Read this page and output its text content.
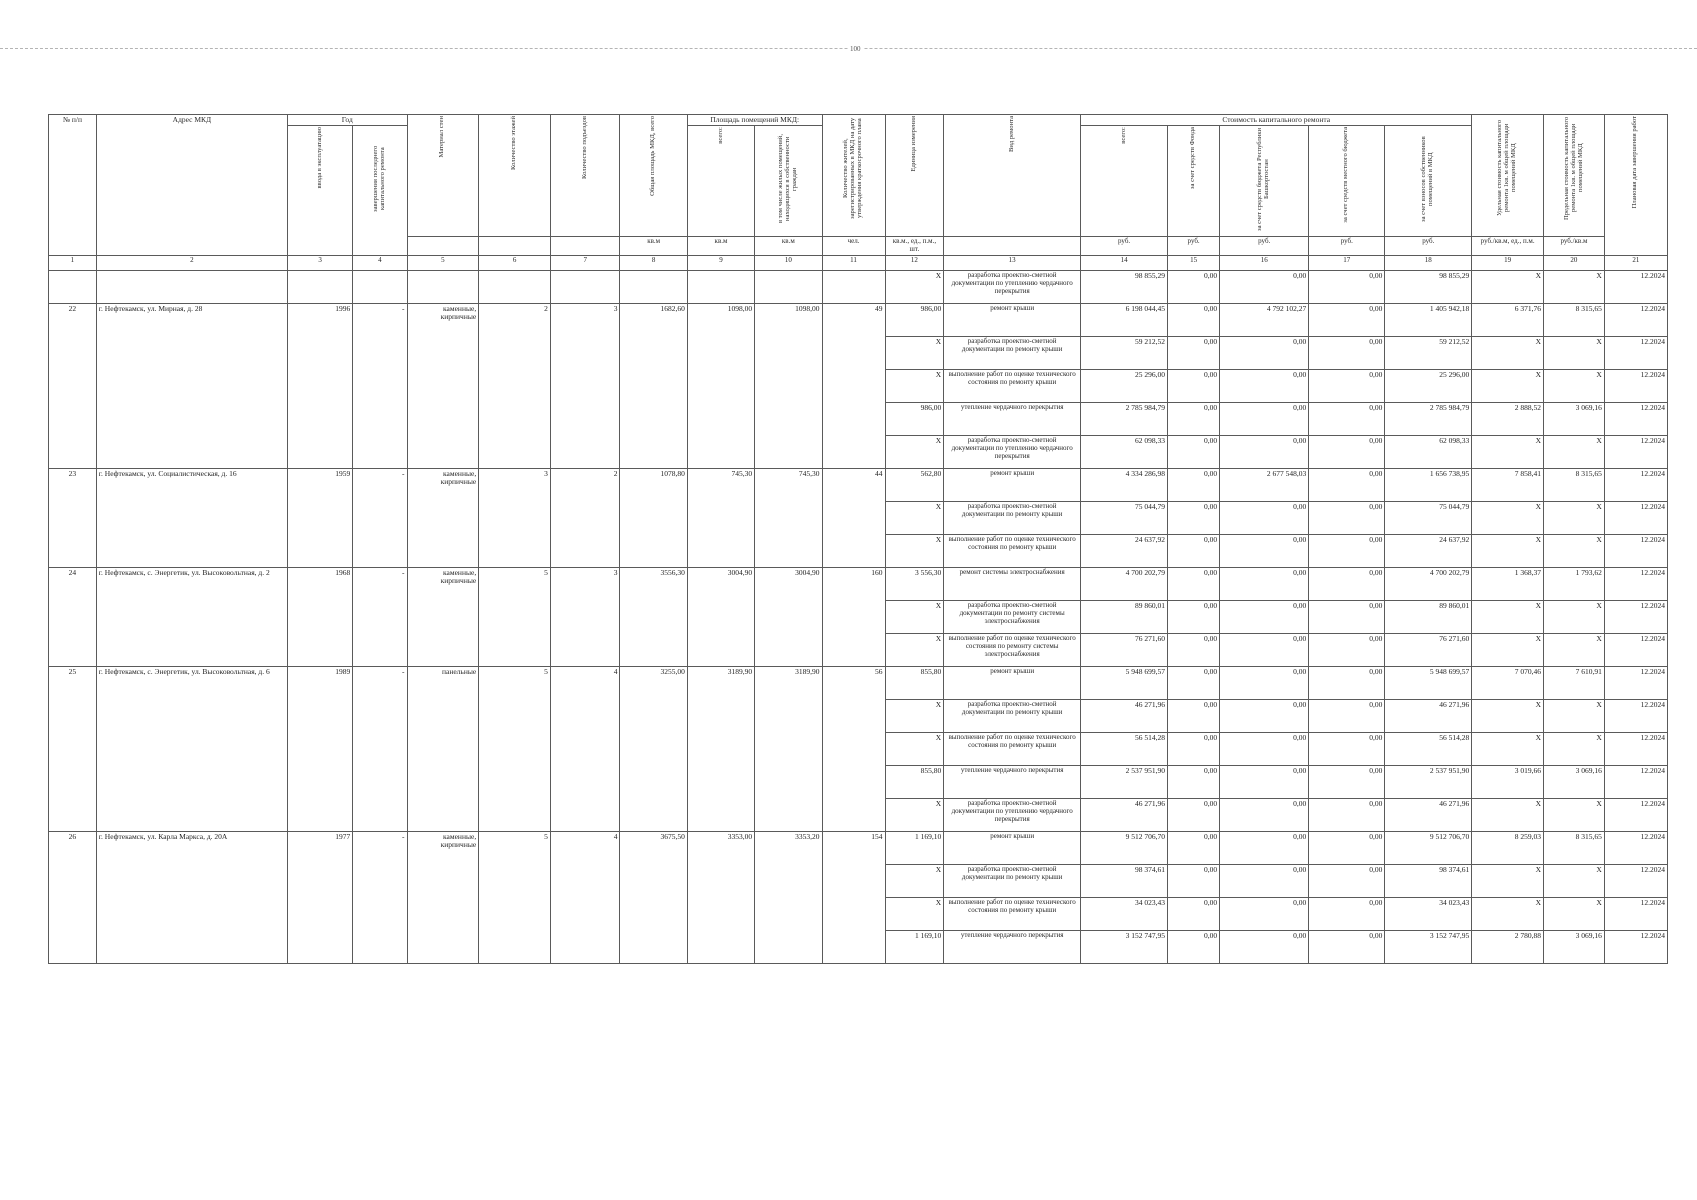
100
№ п/п	Адрес МКД	Год		Материал стен	Количество этажей	Количество подъездов	Общая площадь МКД, всего	Площадь помещений МКД:		Количество жителей, зарегистрированных в МКД на дату утверждения краткосрочного плана	Единица измерения	Вид ремонта	Стоимость капитального ремонта					Удельная стоимость капитального ремонта 1кв. м общей площади помещений МКД	Предельная стоимость капитального ремонта 1кв. м общей площади помещений МКД	Плановая дата завершения работ

		ввода в эксплуатацию	завершения последнего капитального ремонта					всего:	в том числе жилых помещений, находящихся в собственности граждан				всего:	за счет средств Фонда	за счет средств бюджета Республики Башкортостан	за счет средств местного бюджета	за счет взносов собственников помещений в МКД			

							кв.м	кв.м	кв.м	чел.	кв.м., ед., п.м., шт.		руб.	руб.	руб.	руб.	руб.	руб./кв.м, ед., п.м.	руб./кв.м	
1	2	3	4	5	6	7	8	9	10	11	12	13	14	15	16	17	18	19	20	21
											X	разработка проектно-сметной документации по утеплению чердачного перекрытия	98 855,29	0,00	0,00	0,00	98 855,29	X	X	12.2024
22	г. Нефтекамск, ул. Мирная, д. 28	1996	-	каменные, кирпичные	2	3	1682,60	1098,00	1098,00	49	986,00	ремонт крыши	6 198 044,45	0,00	4 792 102,27	0,00	1 405 942,18	6 371,76	8 315,65	12.2024
											X	разработка проектно-сметной документации по ремонту крыши	59 212,52	0,00	0,00	0,00	59 212,52	X	X	12.2024
											X	выполнение работ по оценке технического состояния по ремонту крыши	25 296,00	0,00	0,00	0,00	25 296,00	X	X	12.2024
											986,00	утепление чердачного перекрытия	2 785 984,79	0,00	0,00	0,00	2 785 984,79	2 888,52	3 069,16	12.2024
											X	разработка проектно-сметной документации по утеплению чердачного перекрытия	62 098,33	0,00	0,00	0,00	62 098,33	X	X	12.2024
23	г. Нефтекамск, ул. Социалистическая, д. 16	1959	-	каменные, кирпичные	3	2	1078,80	745,30	745,30	44	562,80	ремонт крыши	4 334 286,98	0,00	2 677 548,03	0,00	1 656 738,95	7 858,41	8 315,65	12.2024
											X	разработка проектно-сметной документации по ремонту крыши	75 044,79	0,00	0,00	0,00	75 044,79	X	X	12.2024
											X	выполнение работ по оценке технического состояния по ремонту крыши	24 637,92	0,00	0,00	0,00	24 637,92	X	X	12.2024
24	г. Нефтекамск, с. Энергетик, ул. Высоковольтная, д. 2	1968	-	каменные, кирпичные	5	3	3556,30	3004,90	3004,90	160	3 556,30	ремонт системы электроснабжения	4 700 202,79	0,00	0,00	0,00	4 700 202,79	1 368,37	1 793,62	12.2024
											X	разработка проектно-сметной документации по ремонту системы электроснабжения	89 860,01	0,00	0,00	0,00	89 860,01	X	X	12.2024
											X	выполнение работ по оценке технического состояния по ремонту системы электроснабжения	76 271,60	0,00	0,00	0,00	76 271,60	X	X	12.2024
25	г. Нефтекамск, с. Энергетик, ул. Высоковольтная, д. 6	1989	-	панельные	5	4	3255,00	3189,90	3189,90	56	855,80	ремонт крыши	5 948 699,57	0,00	0,00	0,00	5 948 699,57	7 070,46	7 610,91	12.2024
											X	разработка проектно-сметной документации по ремонту крыши	46 271,96	0,00	0,00	0,00	46 271,96	X	X	12.2024
											X	выполнение работ по оценке технического состояния по ремонту крыши	56 514,28	0,00	0,00	0,00	56 514,28	X	X	12.2024
											855,80	утепление чердачного перекрытия	2 537 951,90	0,00	0,00	0,00	2 537 951,90	3 019,66	3 069,16	12.2024
											X	разработка проектно-сметной документации по утеплению чердачного перекрытия	46 271,96	0,00	0,00	0,00	46 271,96	X	X	12.2024
26	г. Нефтекамск, ул. Карла Маркса, д. 20А	1977	-	каменные, кирпичные	5	4	3675,50	3353,00	3353,20	154	1 169,10	ремонт крыши	9 512 706,70	0,00	0,00	0,00	9 512 706,70	8 259,03	8 315,65	12.2024
											X	разработка проектно-сметной документации по ремонту крыши	98 374,61	0,00	0,00	0,00	98 374,61	X	X	12.2024
											X	выполнение работ по оценке технического состояния по ремонту крыши	34 023,43	0,00	0,00	0,00	34 023,43	X	X	12.2024
											1 169,10	утепление чердачного перекрытия	3 152 747,95	0,00	0,00	0,00	3 152 747,95	2 780,88	3 069,16	12.2024
